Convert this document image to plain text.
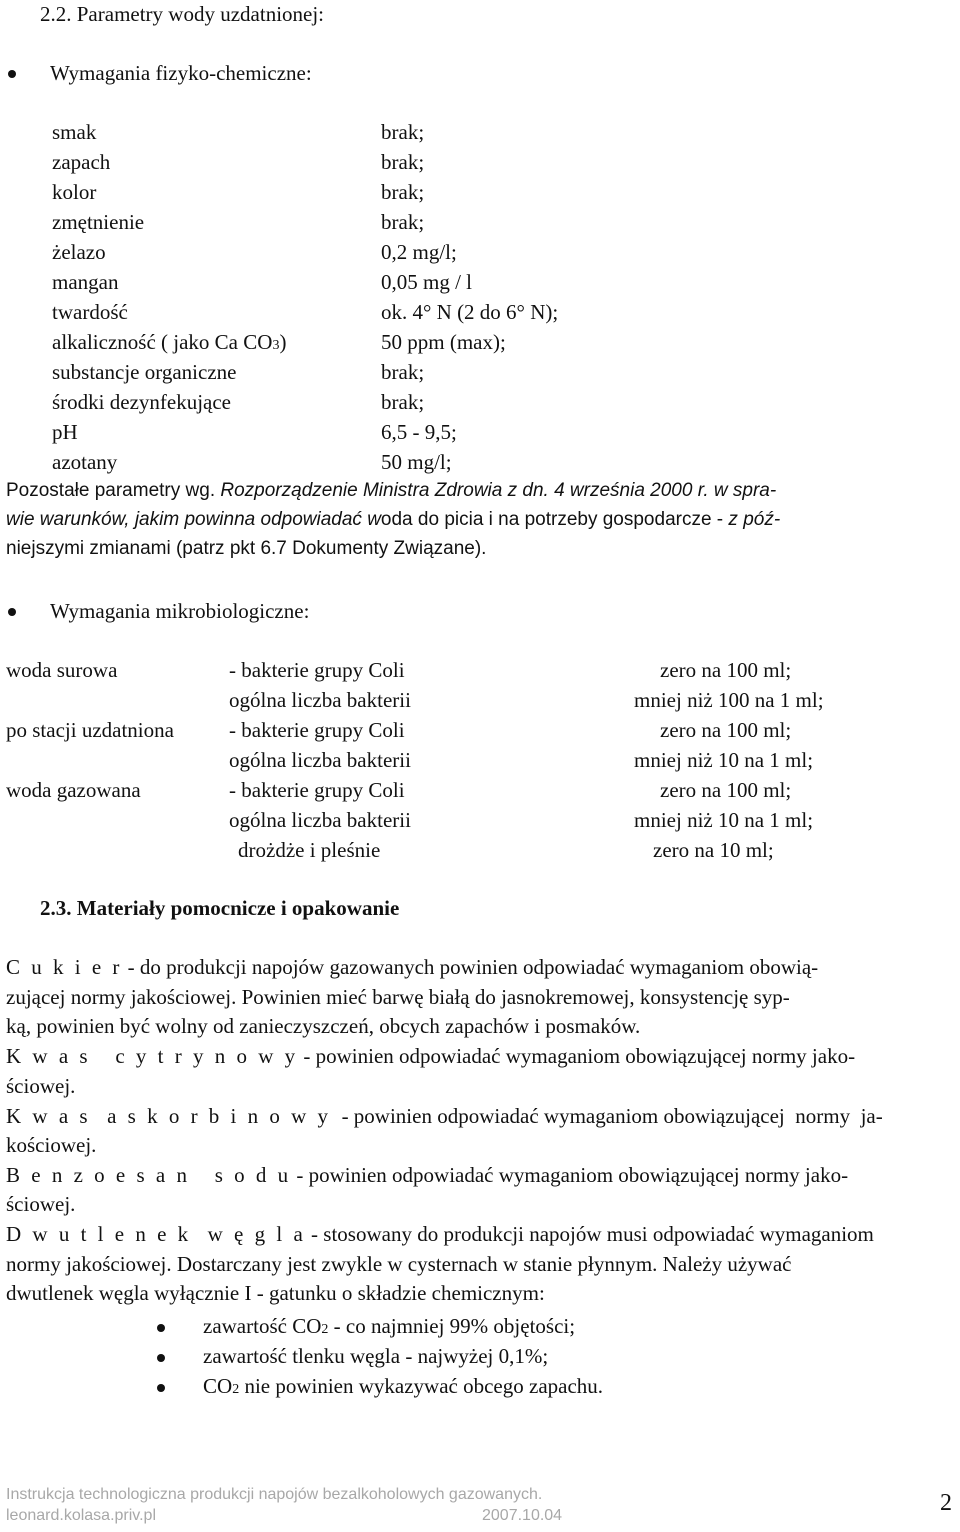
2.2. Parametry wody uzdatnionej:
Wymagania fizyko-chemiczne:
smak	brak;
zapach	brak;
kolor	brak;
zmętnienie	brak;
żelazo	0,2 mg/l;
mangan	0,05 mg / l
twardość	ok. 4° N (2 do 6° N);
alkaliczność ( jako Ca CO3)	50 ppm (max);
substancje organiczne	brak;
środki dezynfekujące	brak;
pH	6,5 - 9,5;
azotany	50 mg/l;
Pozostałe parametry wg. Rozporządzenie Ministra Zdrowia z dn. 4 września 2000 r. w spra-
wie warunków, jakim powinna odpowiadać woda do picia i na potrzeby gospodarcze - z póź-
niejszymi zmianami (patrz pkt 6.7 Dokumenty Związane).
Wymagania mikrobiologiczne:
woda surowa	- bakterie grupy Coli	zero na 100 ml;
ogólna liczba bakterii	mniej niż 100 na 1 ml;
po stacji uzdatniona	- bakterie grupy Coli	zero na 100 ml;
ogólna liczba bakterii	mniej niż 10 na 1 ml;
woda gazowana	- bakterie grupy Coli	zero na 100 ml;
ogólna liczba bakterii	mniej niż 10 na 1 ml;
drożdże i pleśnie	zero na 10 ml;
2.3. Materiały pomocnicze i opakowanie
C u k i e r - do produkcji napojów gazowanych powinien odpowiadać wymaganiom obowią-
zującej normy jakościowej. Powinien mieć barwę białą do jasnokremowej, konsystencję syp-
ką, powinien być wolny od zanieczyszczeń, obcych zapachów i posmaków.
K w a s   c y t r y n o w y - powinien odpowiadać wymaganiom obowiązującej normy jako-
ściowej.
K w a s  a s k o r b i n o w y  - powinien odpowiadać wymaganiom obowiązującej  normy  ja-
kościowej.
B e n z o e s a n   s o d u - powinien odpowiadać wymaganiom obowiązującej normy jako-
ściowej.
D w u t l e n e k  w ę g l a - stosowany do produkcji napojów musi odpowiadać wymaganiom
normy jakościowej. Dostarczany jest zwykle w cysternach w stanie płynnym. Należy używać
dwutlenek węgla wyłącznie I - gatunku o składzie chemicznym:
zawartość CO2 - co najmniej 99% objętości;
zawartość tlenku węgla - najwyżej 0,1%;
CO2 nie powinien wykazywać obcego zapachu.
Instrukcja technologiczna produkcji napojów bezalkoholowych gazowanych.
leonard.kolasa.priv.pl	2007.10.04	2
